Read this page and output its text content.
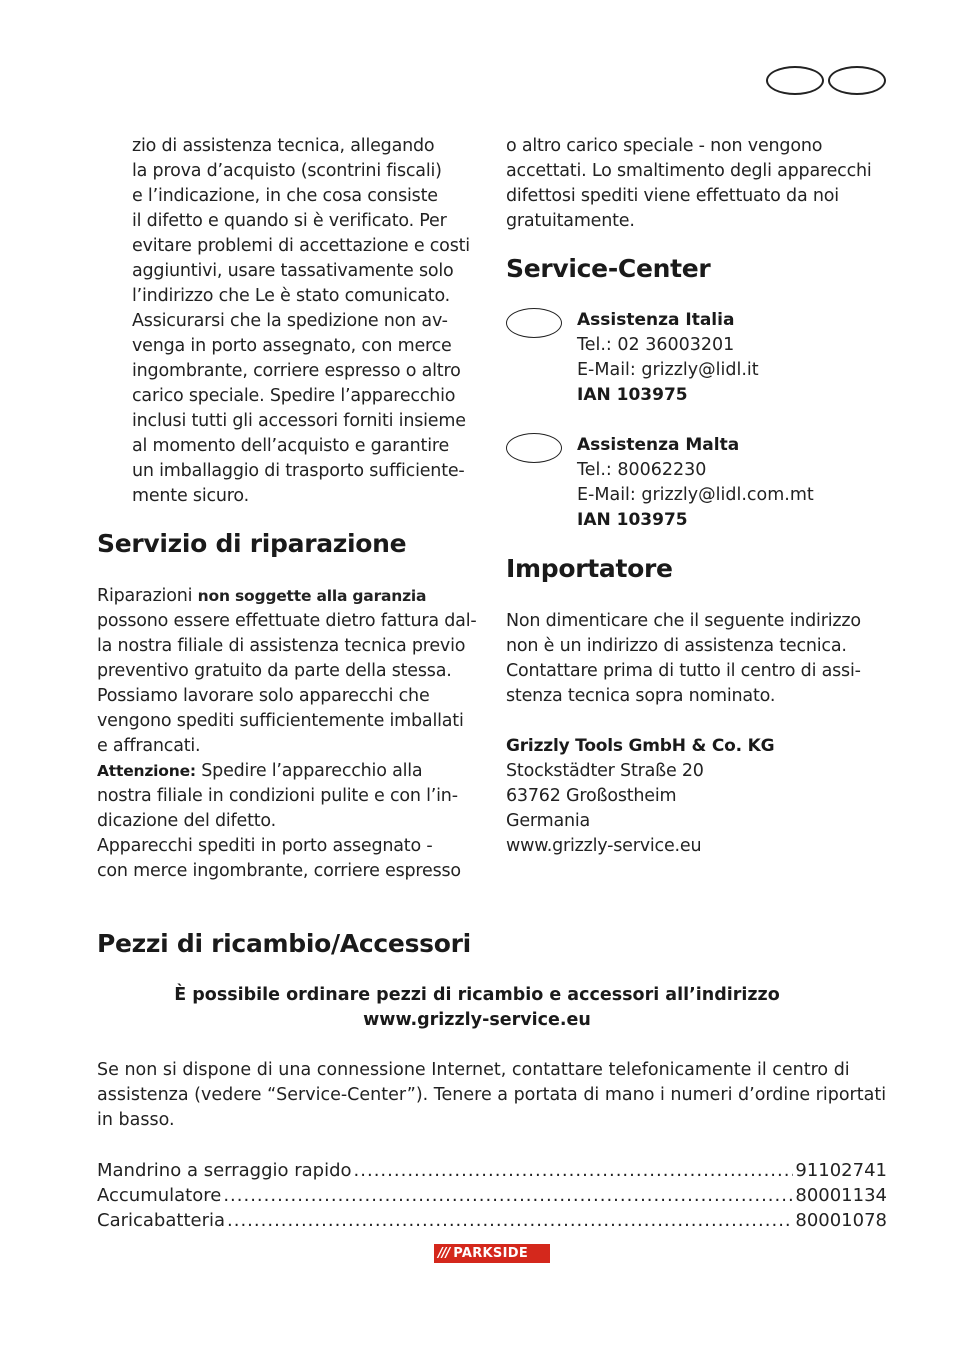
zio di assistenza tecnica, allegando

la prova d’acquisto (scontrini fiscali)

e l’indicazione, in che cosa consiste

il difetto e quando si è verificato. Per

evitare problemi di accettazione e costi

aggiuntivi, usare tassativamente solo

l’indirizzo che Le è stato comunicato.

Assicurarsi che la spedizione non av-

venga in porto assegnato, con merce

ingombrante, corriere espresso o altro

carico speciale. Spedire l’apparecchio

inclusi tutti gli accessori forniti insieme

al momento dell’acquisto e garantire

un imballaggio di trasporto sufficiente-

mente sicuro.

Servizio di riparazione

Riparazioni non soggette alla garanzia

possono essere effettuate dietro fattura dal-

la nostra filiale di assistenza tecnica previo

preventivo gratuito da parte della stessa.

Possiamo lavorare solo apparecchi che

vengono spediti sufficientemente imballati

e affrancati.

Attenzione: Spedire l’apparecchio alla

nostra filiale in condizioni pulite e con l’in-

dicazione del difetto.

Apparecchi spediti in porto assegnato -

con merce ingombrante, corriere espresso

o altro carico speciale - non vengono

accettati. Lo smaltimento degli apparecchi

difettosi spediti viene effettuato da noi

gratuitamente.

Service-Center
Assistenza Italia
Tel.: 02 36003201
E-Mail: grizzly@lidl.it
IAN 103975
Assistenza Malta
Tel.: 80062230
E-Mail: grizzly@lidl.com.mt
IAN 103975
Importatore

Non dimenticare che il seguente indirizzo

non è un indirizzo di assistenza tecnica.

Contattare prima di tutto il centro di assi-

stenza tecnica sopra nominato.

Grizzly Tools GmbH & Co. KG

Stockstädter Straße 20

63762 Großostheim

Germania

www.grizzly-service.eu

Pezzi di ricambio/Accessori
È possibile ordinare pezzi di ricambio e accessori all’indirizzo
www.grizzly-service.eu
Se non si dispone di una connessione Internet, contattare telefonicamente il centro di assistenza (vedere “Service-Center”). Tenere a portata di mano i numeri d’ordine riportati in basso.
Mandrino a serraggio rapido .....	91102741
Accumulatore .....	80001134
Caricabatteria .....	80001078
/// PARKSIDE
